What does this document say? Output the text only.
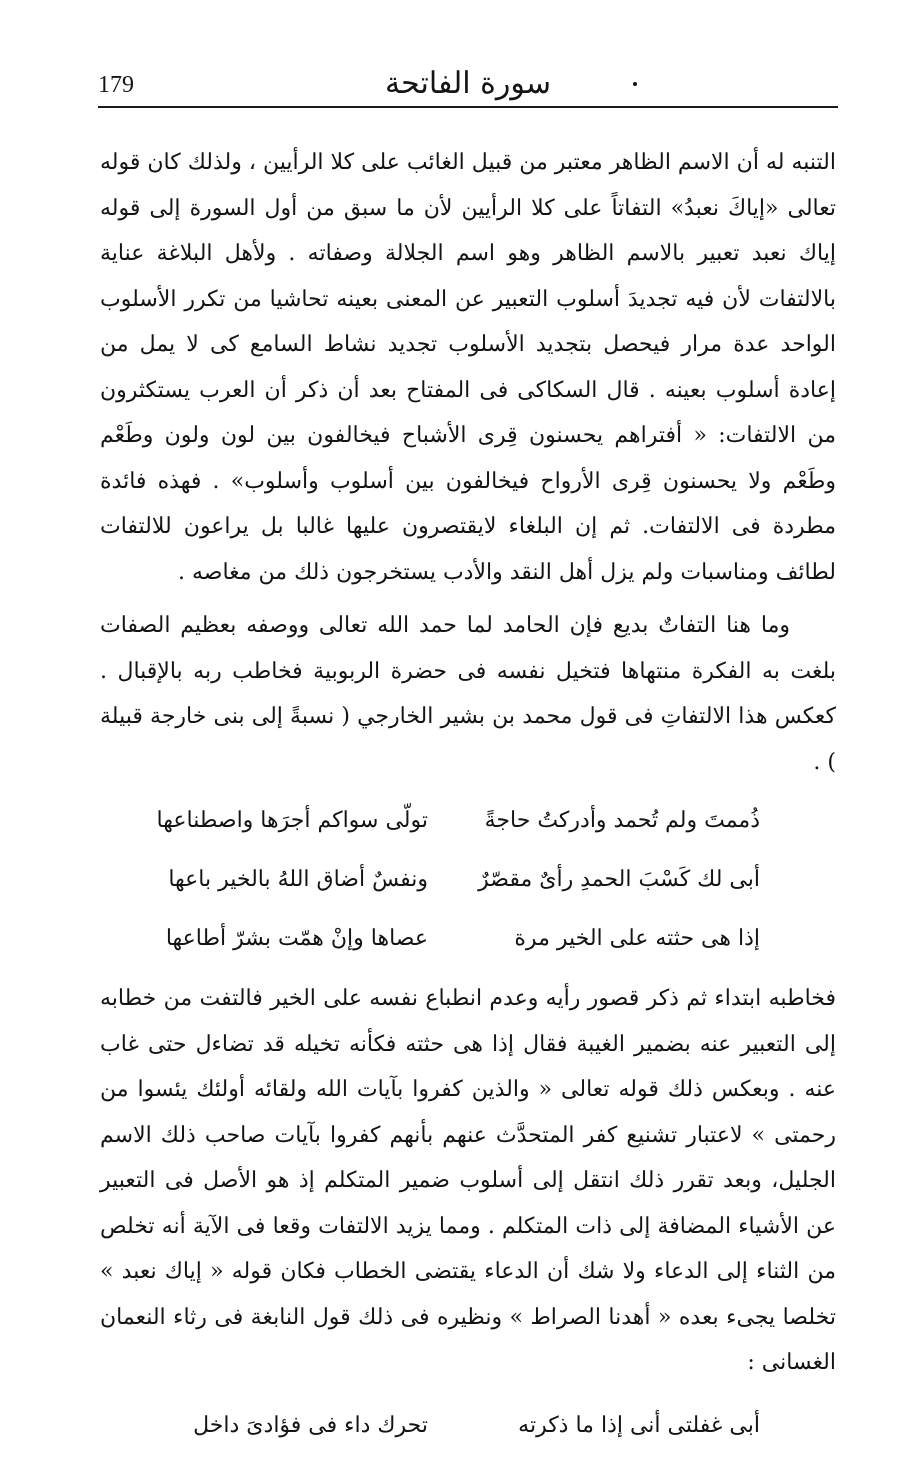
179	سورة الفاتحة

التنبه له أن الاسم الظاهر معتبر من قبيل الغائب على كلا الرأيين ، ولذلك كان قوله تعالى «إياكَ نعبدُ» التفاتاً على كلا الرأيين لأن ما سبق من أول السورة إلى قوله إياك نعبد تعبير بالاسم الظاهر وهو اسم الجلالة وصفاته . ولأهل البلاغة عناية بالالتفات لأن فيه تجديدَ أسلوب التعبير عن المعنى بعينه تحاشيا من تكرر الأسلوب الواحد عدة مرار فيحصل بتجديد الأسلوب تجديد نشاط السامع كى لا يمل من إعادة أسلوب بعينه . قال السكاكى فى المفتاح بعد أن ذكر أن العرب يستكثرون من الالتفات: « أفتراهم يحسنون قِرى الأشباح فيخالفون بين لون ولون وطَعْم وطَعْم ولا يحسنون قِرى الأرواح فيخالفون بين أسلوب وأسلوب» . فهذه فائدة مطردة فى الالتفات. ثم إن البلغاء لايقتصرون عليها غالبا بل يراعون للالتفات لطائف ومناسبات ولم يزل أهل النقد والأدب يستخرجون ذلك من مغاصه .

وما هنا التفاتٌ بديع فإن الحامد لما حمد الله تعالى ووصفه بعظيم الصفات بلغت به الفكرة منتهاها فتخيل نفسه فى حضرة الربوبية فخاطب ربه بالإقبال . كعكس هذا الالتفاتِ فى قول محمد بن بشير الخارجي ( نسبةً إلى بنى خارجة قبيلة ) .

ذُممتَ ولم تُحمد وأدركتُ حاجةً
تولّى سواكم أجرَها واصطناعها
أبى لك كَسْبَ الحمدِ رأىٌ مقصّرٌ
ونفسٌ أضاق اللهُ بالخير باعها
إذا هى حثته على الخير مرة
عصاها وإنْ همّت بشرّ أطاعها

فخاطبه ابتداء ثم ذكر قصور رأيه وعدم انطباع نفسه على الخير فالتفت من خطابه إلى التعبير عنه بضمير الغيبة فقال إذا هى حثته فكأنه تخيله قد تضاءل حتى غاب عنه . وبعكس ذلك قوله تعالى « والذين كفروا بآيات الله ولقائه أولئك يئسوا من رحمتى » لاعتبار تشنيع كفر المتحدَّث عنهم بأنهم كفروا بآيات صاحب ذلك الاسم الجليل، وبعد تقرر ذلك انتقل إلى أسلوب ضمير المتكلم إذ هو الأصل فى التعبير عن الأشياء المضافة إلى ذات المتكلم . ومما يزيد الالتفات وقعا فى الآية أنه تخلص من الثناء إلى الدعاء ولا شك أن الدعاء يقتضى الخطاب فكان قوله « إياك نعبد » تخلصا يجىء بعده « أهدنا الصراط » ونظيره فى ذلك قول النابغة فى رثاء النعمان الغسانى :

أبى غفلتى أنى إذا ما ذكرته
تحرك داء فى فؤادىَ داخل
